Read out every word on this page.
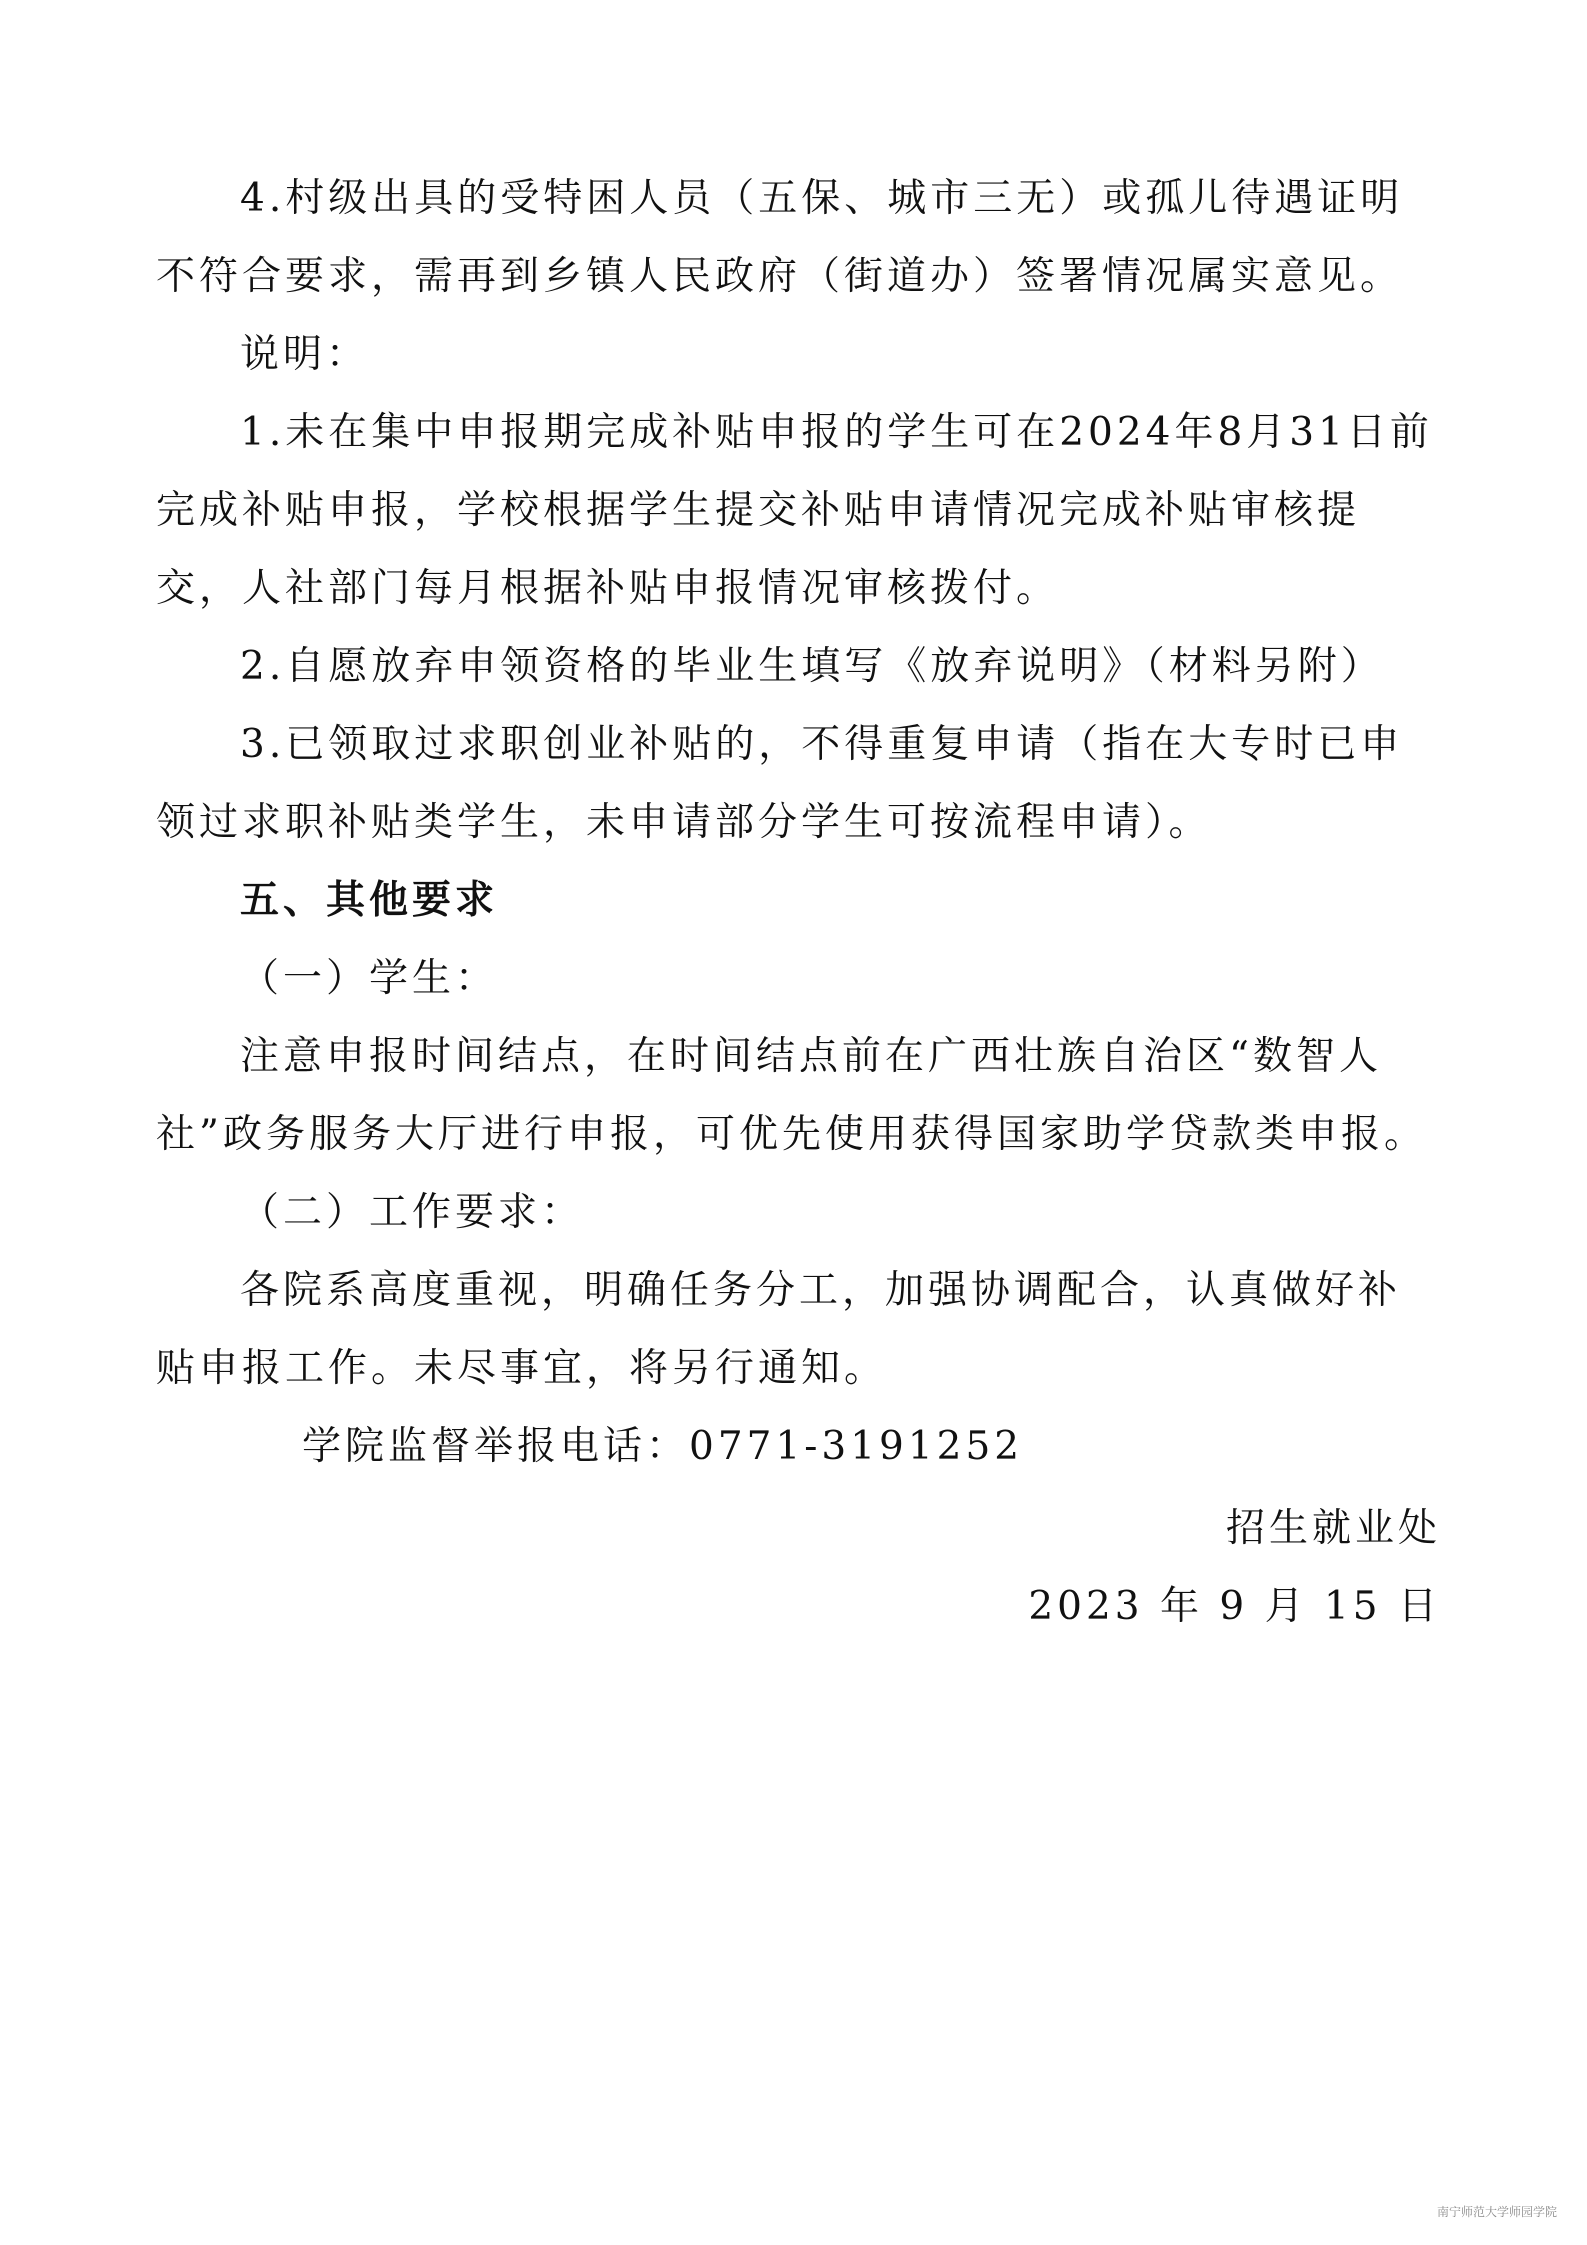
4.村级出具的受特困人员（五保、城市三无）或孤儿待遇证明不符合要求，需再到乡镇人民政府（街道办）签署情况属实意见。

说明：

1.未在集中申报期完成补贴申报的学生可在2024年8月31日前完成补贴申报，学校根据学生提交补贴申请情况完成补贴审核提交，人社部门每月根据补贴申报情况审核拨付。

2.自愿放弃申领资格的毕业生填写《放弃说明》（材料另附）

3.已领取过求职创业补贴的，不得重复申请（指在大专时已申领过求职补贴类学生，未申请部分学生可按流程申请）。

五、其他要求

（一）学生：

注意申报时间结点，在时间结点前在广西壮族自治区“数智人社”政务服务大厅进行申报，可优先使用获得国家助学贷款类申报。

（二）工作要求：

各院系高度重视，明确任务分工，加强协调配合，认真做好补贴申报工作。未尽事宜，将另行通知。

学院监督举报电话：0771-3191252

招生就业处
2023 年 9 月 15 日
南宁师范大学师园学院
